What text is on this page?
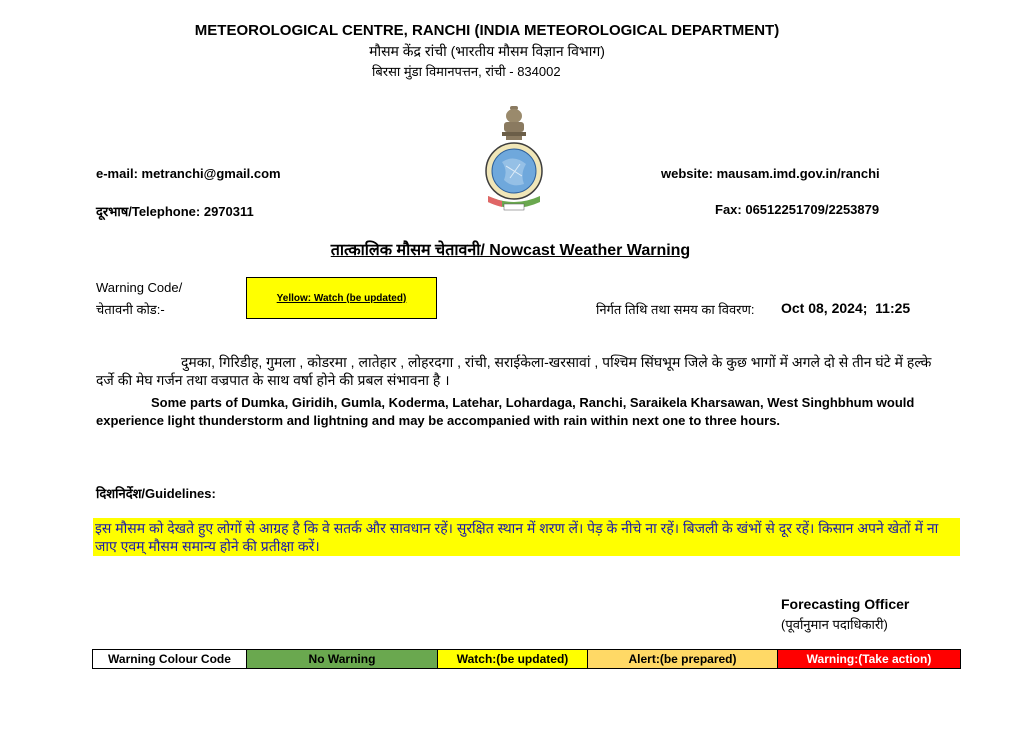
METEOROLOGICAL CENTRE, RANCHI (INDIA METEOROLOGICAL DEPARTMENT)
मौसम केंद्र रांची (भारतीय मौसम विज्ञान विभाग)
बिरसा मुंडा विमानपत्तन, रांची - 834002
e-mail: metranchi@gmail.com	website: mausam.imd.gov.in/ranchi
दूरभाष/Telephone: 2970311	Fax: 06512251709/2253879
तात्कालिक मौसम चेतावनी/ Nowcast Weather Warning
Warning Code/
चेतावनी कोड:-
Yellow: Watch (be updated)
निर्गत तिथि तथा समय का विवरण: Oct 08, 2024;  11:25
दुमका, गिरिडीह, गुमला , कोडरमा , लातेहार , लोहरदगा , रांची, सराईकेला-खरसावां , पश्चिम सिंघभूम जिले के कुछ भागों में अगले दो से तीन घंटे में हल्के दर्जे की मेघ गर्जन तथा वज्रपात के साथ वर्षा होने की प्रबल संभावना है ।
Some parts of Dumka, Giridih, Gumla, Koderma, Latehar, Lohardaga, Ranchi, Saraikela Kharsawan, West Singhbhum would experience light thunderstorm and lightning and may be accompanied with rain within next one to three hours.
दिशनिर्देश/Guidelines:
इस मौसम को देखते हुए लोगों से आग्रह है कि वे सतर्क और सावधान रहें। सुरक्षित स्थान में शरण लें। पेड़ के नीचे ना रहें। बिजली के खंभों से दूर रहें। किसान अपने खेतों में ना जाए एवम् मौसम समान्य होने की प्रतीक्षा करें।
Forecasting Officer
(पूर्वानुमान पदाधिकारी)
Warning Colour Code	No Warning	Watch:(be updated)	Alert:(be prepared)	Warning:(Take action)
